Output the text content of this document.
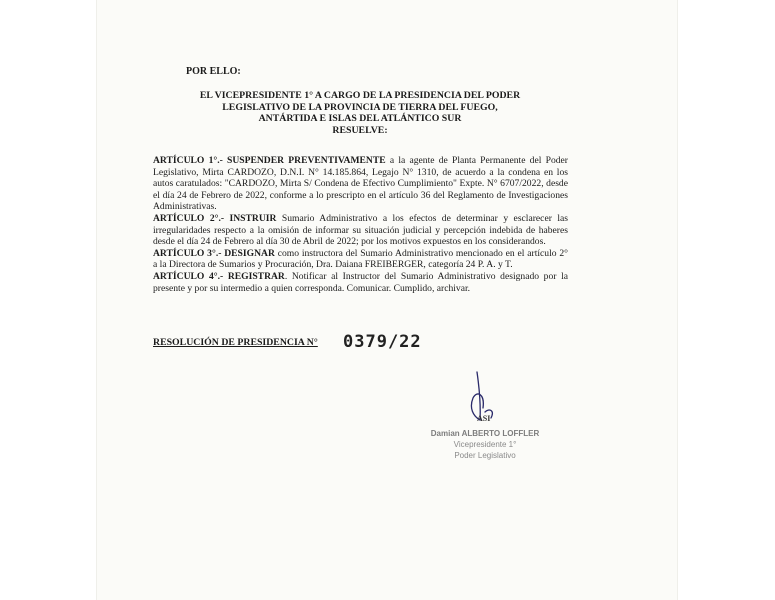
POR ELLO:
EL VICEPRESIDENTE 1° A CARGO DE LA PRESIDENCIA DEL PODER
LEGISLATIVO DE LA PROVINCIA DE TIERRA DEL FUEGO,
ANTÁRTIDA E ISLAS DEL ATLÁNTICO SUR
RESUELVE:
ARTÍCULO 1°.- SUSPENDER PREVENTIVAMENTE a la agente de Planta Permanente del Poder Legislativo, Mirta CARDOZO, D.N.I. N° 14.185.864, Legajo N° 1310, de acuerdo a la condena en los autos caratulados: "CARDOZO, Mirta S/ Condena de Efectivo Cumplimiento" Expte. N° 6707/2022, desde el día 24 de Febrero de 2022, conforme a lo prescripto en el artículo 36 del Reglamento de Investigaciones Administrativas.
ARTÍCULO 2°.- INSTRUIR Sumario Administrativo a los efectos de determinar y esclarecer las irregularidades respecto a la omisión de informar su situación judicial y percepción indebida de haberes desde el día 24 de Febrero al día 30 de Abril de 2022; por los motivos expuestos en los considerandos.
ARTÍCULO 3°.- DESIGNAR como instructora del Sumario Administrativo mencionado en el artículo 2° a la Directora de Sumarios y Procuración, Dra. Daiana FREIBERGER, categoría 24 P. A. y T.
ARTÍCULO 4°.- REGISTRAR. Notificar al Instructor del Sumario Administrativo designado por la presente y por su intermedio a quien corresponda. Comunicar. Cumplido, archivar.
RESOLUCIÓN DE PRESIDENCIA N° 0379/22
ASI
Damian ALBERTO LOFFLER
Vicepresidente 1°
Poder Legislativo
